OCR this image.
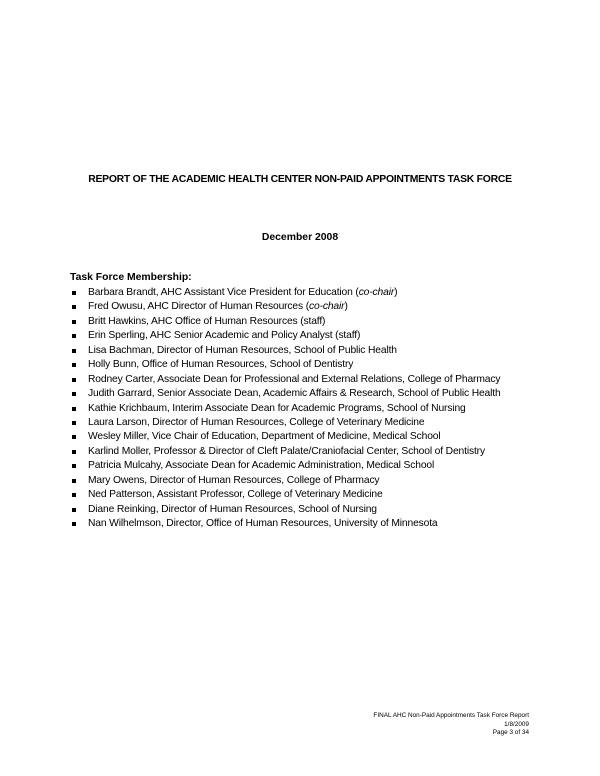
REPORT OF THE ACADEMIC HEALTH CENTER NON-PAID APPOINTMENTS TASK FORCE
December 2008
Task Force Membership:
Barbara Brandt, AHC Assistant Vice President for Education (co-chair)
Fred Owusu, AHC Director of Human Resources (co-chair)
Britt Hawkins, AHC Office of Human Resources (staff)
Erin Sperling, AHC Senior Academic and Policy Analyst (staff)
Lisa Bachman, Director of Human Resources, School of Public Health
Holly Bunn, Office of Human Resources, School of Dentistry
Rodney Carter, Associate Dean for Professional and External Relations, College of Pharmacy
Judith Garrard, Senior Associate Dean, Academic Affairs & Research, School of Public Health
Kathie Krichbaum, Interim Associate Dean for Academic Programs, School of Nursing
Laura Larson, Director of Human Resources, College of Veterinary Medicine
Wesley Miller, Vice Chair of Education, Department of Medicine, Medical School
Karlind Moller, Professor & Director of Cleft Palate/Craniofacial Center, School of Dentistry
Patricia Mulcahy, Associate Dean for Academic Administration, Medical School
Mary Owens, Director of Human Resources, College of Pharmacy
Ned Patterson, Assistant Professor, College of Veterinary Medicine
Diane Reinking, Director of Human Resources, School of Nursing
Nan Wilhelmson, Director, Office of Human Resources, University of Minnesota
FINAL AHC Non-Paid Appointments Task Force Report
1/8/2009
Page 3 of 34
